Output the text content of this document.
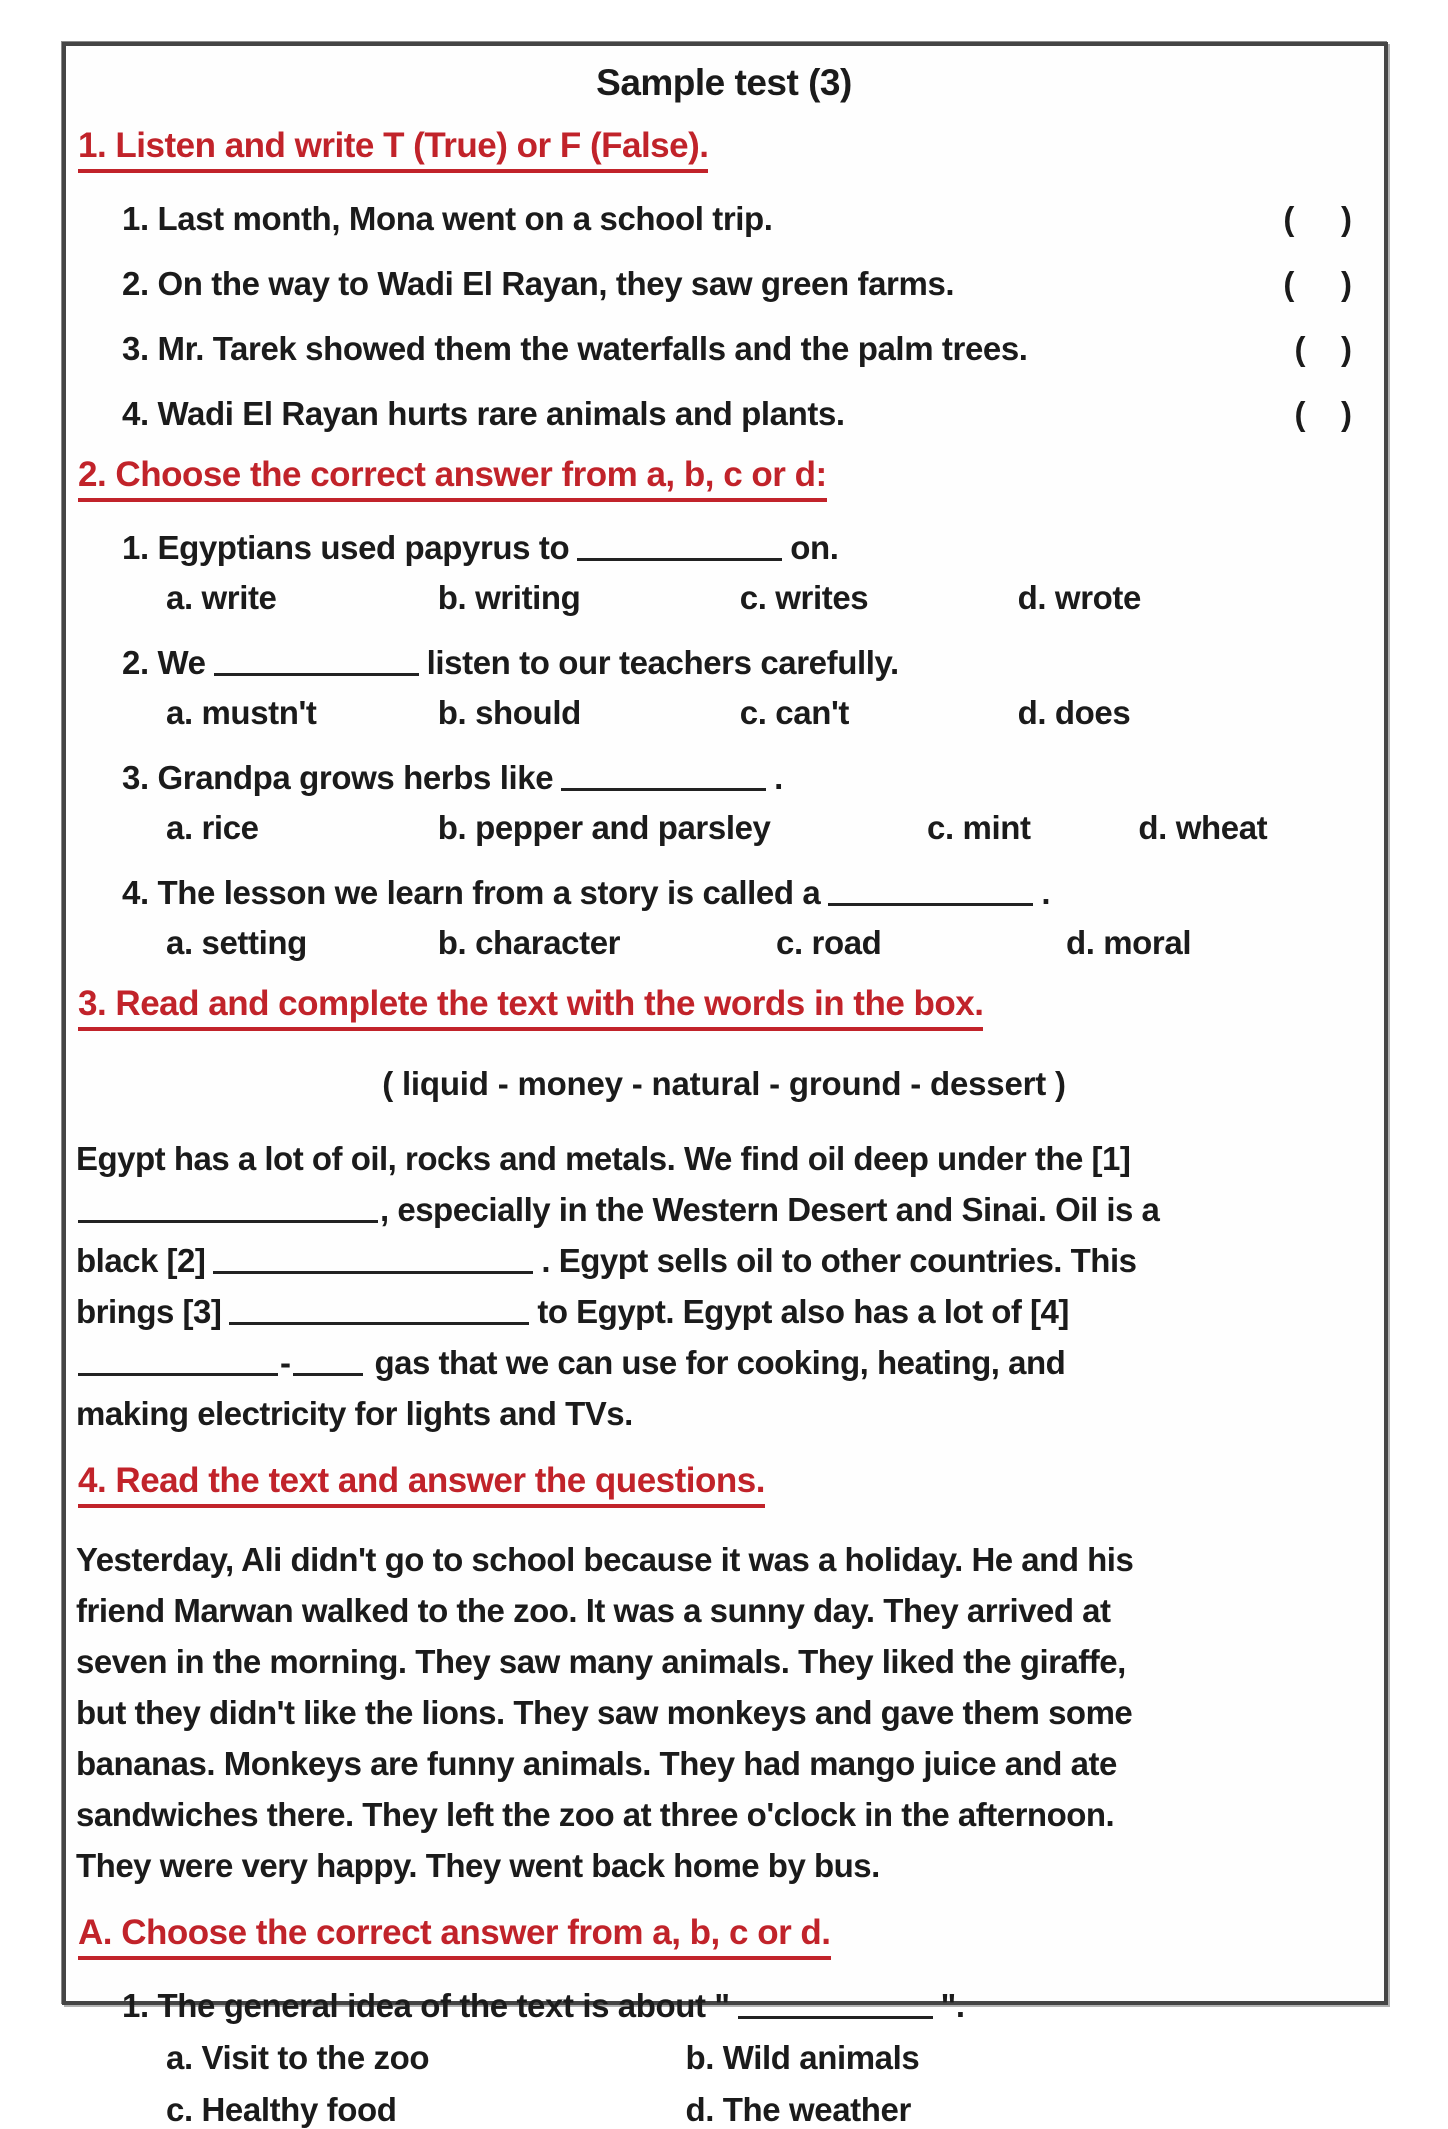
Sample test (3)
1. Listen and write T (True) or F (False).
1. Last month, Mona went on a school trip.	(    )
2. On the way to Wadi El Rayan, they saw green farms.	(    )
3. Mr. Tarek showed them the waterfalls and the palm trees.	(   )
4. Wadi El Rayan hurts rare animals and plants.	(   )
2. Choose the correct answer from a, b, c or d:
1. Egyptians used papyrus to	on.
a. write	b. writing	c. writes	d. wrote
2. We	listen to our teachers carefully.
a. mustn't	b. should	c. can't	d. does
3. Grandpa grows herbs like	.
a. rice	b. pepper and parsley	c. mint	d. wheat
4. The lesson we learn from a story is called a	.
a. setting	b. character	c. road	d. moral
3. Read and complete the text with the words in the box.
( liquid - money - natural - ground - dessert )
Egypt has a lot of oil, rocks and metals. We find oil deep under the [1]
, especially in the Western Desert and Sinai. Oil is a
black [2]	. Egypt sells oil to other countries. This
brings [3]	to Egypt. Egypt also has a lot of [4]
-	gas that we can use for cooking, heating, and
making electricity for lights and TVs.
4. Read the text and answer the questions.
Yesterday, Ali didn't go to school because it was a holiday. He and his
friend Marwan walked to the zoo. It was a sunny day. They arrived at
seven in the morning. They saw many animals. They liked the giraffe,
but they didn't like the lions. They saw monkeys and gave them some
bananas. Monkeys are funny animals. They had mango juice and ate
sandwiches there. They left the zoo at three o'clock in the afternoon.
They were very happy. They went back home by bus.
A. Choose the correct answer from a, b, c or d.
1. The general idea of the text is about "	".
a. Visit to the zoo	b. Wild animals
c. Healthy food	d. The weather
